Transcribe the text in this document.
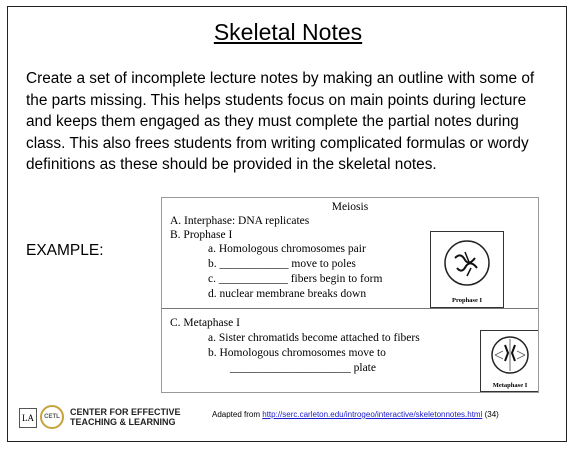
Skeletal Notes
Create a set of incomplete lecture notes by making an outline with some of the parts missing. This helps students focus on main points during lecture and keeps them engaged as they must complete the partial notes during class. This also frees students from writing complicated formulas or wordy definitions as these should be provided in the skeletal notes.
EXAMPLE:
Meiosis
A. Interphase: DNA replicates
B. Prophase I
a. Homologous chromosomes pair
b. ____________ move to poles
c. ____________ fibers begin to form
d. nuclear membrane breaks down
C. Metaphase I
a. Sister chromatids become attached to fibers
b. Homologous chromosomes move to
_____________________ plate
Prophase I
Metaphase I
LA	CETL	CENTER FOR EFFECTIVE
TEACHING & LEARNING
Adapted from http://serc.carleton.edu/introgeo/interactive/skeletonnotes.html (34)
